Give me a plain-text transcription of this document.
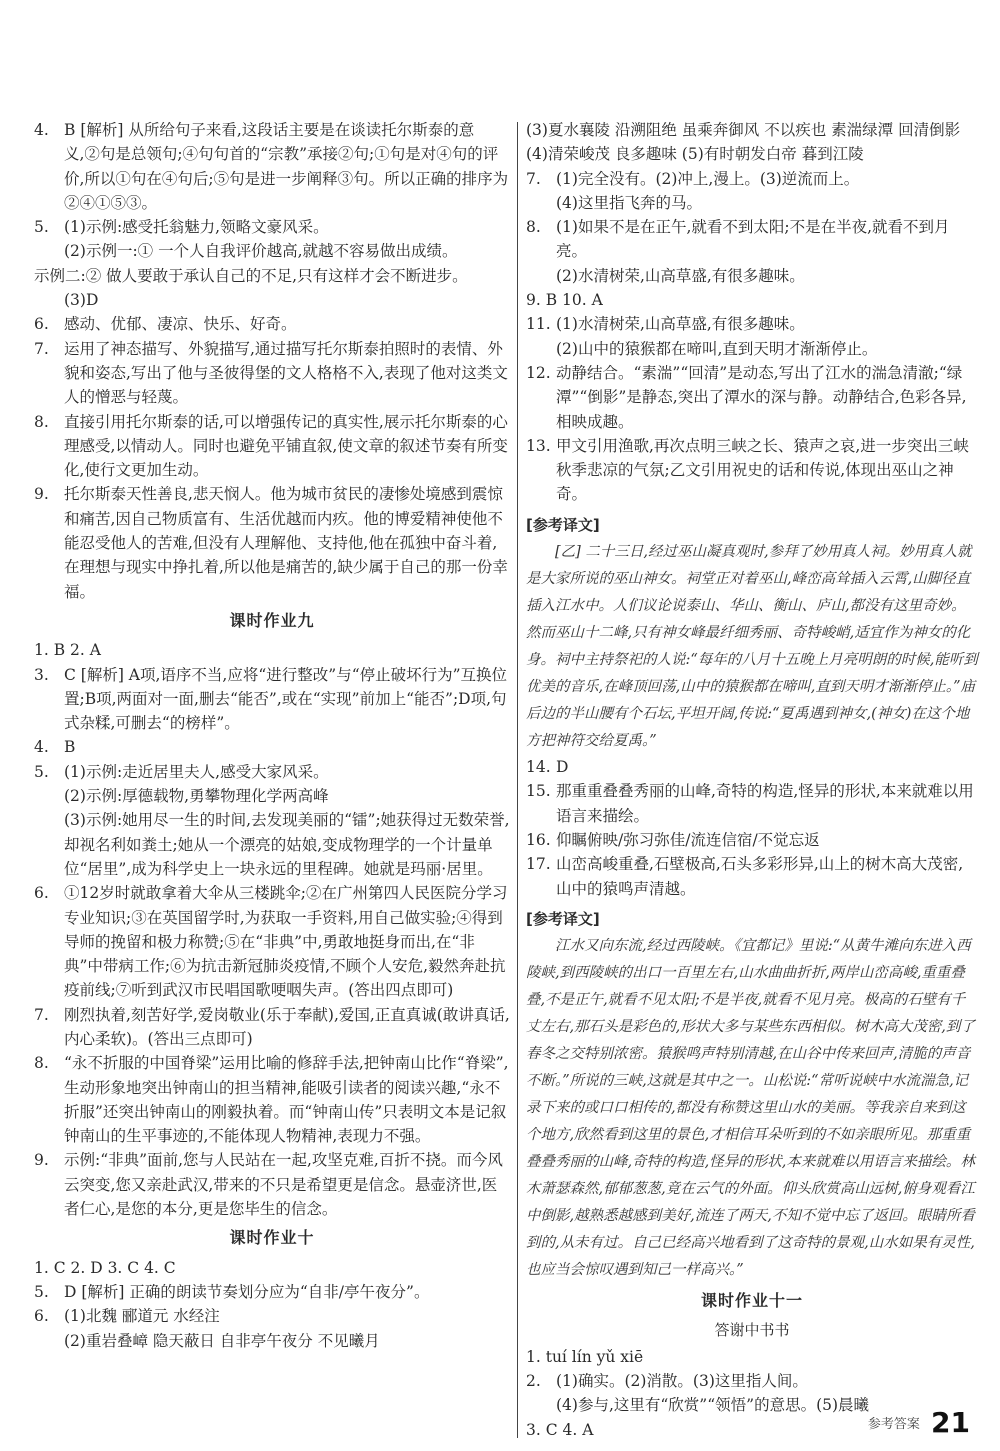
4. B [解析] 从所给句子来看,这段话主要是在谈读托尔斯泰的意义,②句是总领句;④句句首的“宗教”承接②句;①句是对④句的评价,所以①句在④句后;⑤句是进一步阐释③句。所以正确的排序为②④①⑤③。

5. (1)示例:感受托翁魅力,领略文豪风采。

(2)示例一:① 一个人自我评价越高,就越不容易做出成绩。

示例二:② 做人要敢于承认自己的不足,只有这样才会不断进步。

(3)D

6. 感动、优郁、凄凉、快乐、好奇。

7. 运用了神态描写、外貌描写,通过描写托尔斯泰拍照时的表情、外貌和姿态,写出了他与圣彼得堡的文人格格不入,表现了他对这类文人的憎恶与轻蔑。

8. 直接引用托尔斯泰的话,可以增强传记的真实性,展示托尔斯泰的心理感受,以情动人。同时也避免平铺直叙,使文章的叙述节奏有所变化,使行文更加生动。

9. 托尔斯泰天性善良,悲天悯人。他为城市贫民的凄惨处境感到震惊和痛苦,因自己物质富有、生活优越而内疚。他的博爱精神使他不能忍受他人的苦难,但没有人理解他、支持他,他在孤独中奋斗着,在理想与现实中挣扎着,所以他是痛苦的,缺少属于自己的那一份幸福。

课时作业九

1. B 2. A

3. C [解析] A项,语序不当,应将“进行整改”与“停止破坏行为”互换位置;B项,两面对一面,删去“能否”,或在“实现”前加上“能否”;D项,句式杂糅,可删去“的榜样”。

4. B

5. (1)示例:走近居里夫人,感受大家风采。

(2)示例:厚德载物,勇攀物理化学两高峰

(3)示例:她用尽一生的时间,去发现美丽的“镭”;她获得过无数荣誉,却视名利如粪土;她从一个漂亮的姑娘,变成物理学的一个计量单位“居里”,成为科学史上一块永远的里程碑。她就是玛丽·居里。

6. ①12岁时就敢拿着大伞从三楼跳伞;②在广州第四人民医院分学习专业知识;③在英国留学时,为获取一手资料,用自己做实验;④得到导师的挽留和极力称赞;⑤在“非典”中,勇敢地挺身而出,在“非典”中带病工作;⑥为抗击新冠肺炎疫情,不顾个人安危,毅然奔赴抗疫前线;⑦听到武汉市民唱国歌哽咽失声。(答出四点即可)

7. 刚烈执着,刻苦好学,爱岗敬业(乐于奉献),爱国,正直真诚(敢讲真话,内心柔软)。(答出三点即可)

8. “永不折服的中国脊梁”运用比喻的修辞手法,把钟南山比作“脊梁”,生动形象地突出钟南山的担当精神,能吸引读者的阅读兴趣,“永不折服”还突出钟南山的刚毅执着。而“钟南山传”只表明文本是记叙钟南山的生平事迹的,不能体现人物精神,表现力不强。

9. 示例:“非典”面前,您与人民站在一起,攻坚克难,百折不挠。而今风云突变,您又亲赴武汉,带来的不只是希望更是信念。悬壶济世,医者仁心,是您的本分,更是您毕生的信念。

课时作业十

1. C 2. D 3. C 4. C

5. D [解析] 正确的朗读节奏划分应为“自非/亭午夜分”。

6. (1)北魏 郦道元 水经注

(2)重岩叠嶂 隐天蔽日 自非亭午夜分 不见曦月

(3)夏水襄陵 沿溯阻绝 虽乘奔御风 不以疾也 素湍绿潭 回清倒影

(4)清荣峻茂 良多趣味 (5)有时朝发白帝 暮到江陵

7. (1)完全没有。(2)冲上,漫上。(3)逆流而上。

(4)这里指飞奔的马。

8. (1)如果不是在正午,就看不到太阳;不是在半夜,就看不到月亮。

(2)水清树荣,山高草盛,有很多趣味。

9. B 10. A

11. (1)水清树荣,山高草盛,有很多趣味。

(2)山中的猿猴都在啼叫,直到天明才渐渐停止。

12. 动静结合。“素湍”“回清”是动态,写出了江水的湍急清澈;“绿潭”“倒影”是静态,突出了潭水的深与静。动静结合,色彩各异,相映成趣。

13. 甲文引用渔歌,再次点明三峡之长、猿声之哀,进一步突出三峡秋季悲凉的气氛;乙文引用祝史的话和传说,体现出巫山之神奇。

[参考译文]

[乙] 二十三日,经过巫山凝真观时,参拜了妙用真人祠。妙用真人就是大家所说的巫山神女。祠堂正对着巫山,峰峦高耸插入云霄,山脚径直插入江水中。人们议论说泰山、华山、衡山、庐山,都没有这里奇妙。然而巫山十二峰,只有神女峰最纤细秀丽、奇特峻峭,适宜作为神女的化身。祠中主持祭祀的人说:“每年的八月十五晚上月亮明朗的时候,能听到优美的音乐,在峰顶回荡,山中的猿猴都在啼叫,直到天明才渐渐停止。”庙后边的半山腰有个石坛,平坦开阔,传说:“夏禹遇到神女,(神女)在这个地方把神符交给夏禹。”

14. D

15. 那重重叠叠秀丽的山峰,奇特的构造,怪异的形状,本来就难以用语言来描绘。

16. 仰瞩俯映/弥习弥佳/流连信宿/不觉忘返

17. 山峦高峻重叠,石壁极高,石头多彩形异,山上的树木高大茂密,山中的猿鸣声清越。

[参考译文]

江水又向东流,经过西陵峡。《宜都记》里说:“从黄牛滩向东进入西陵峡,到西陵峡的出口一百里左右,山水曲曲折折,两岸山峦高峻,重重叠叠,不是正午,就看不见太阳;不是半夜,就看不见月亮。极高的石壁有千丈左右,那石头是彩色的,形状大多与某些东西相似。树木高大茂密,到了春冬之交特别浓密。猿猴鸣声特别清越,在山谷中传来回声,清脆的声音不断。”所说的三峡,这就是其中之一。山松说:“常听说峡中水流湍急,记录下来的或口口相传的,都没有称赞这里山水的美丽。等我亲自来到这个地方,欣然看到这里的景色,才相信耳朵听到的不如亲眼所见。那重重叠叠秀丽的山峰,奇特的构造,怪异的形状,本来就难以用语言来描绘。林木萧瑟森然,郁郁葱葱,竟在云气的外面。仰头欣赏高山远树,俯身观看江中倒影,越熟悉越感到美好,流连了两天,不知不觉中忘了返回。眼睛所看到的,从未有过。自己已经高兴地看到了这奇特的景观,山水如果有灵性,也应当会惊叹遇到知己一样高兴。”

课时作业十一
答谢中书书

1. tuí lín yǔ xiē

2. (1)确实。(2)消散。(3)这里指人间。

(4)参与,这里有“欣赏”“领悟”的意思。(5)晨曦

3. C 4. A	参考答案 21
